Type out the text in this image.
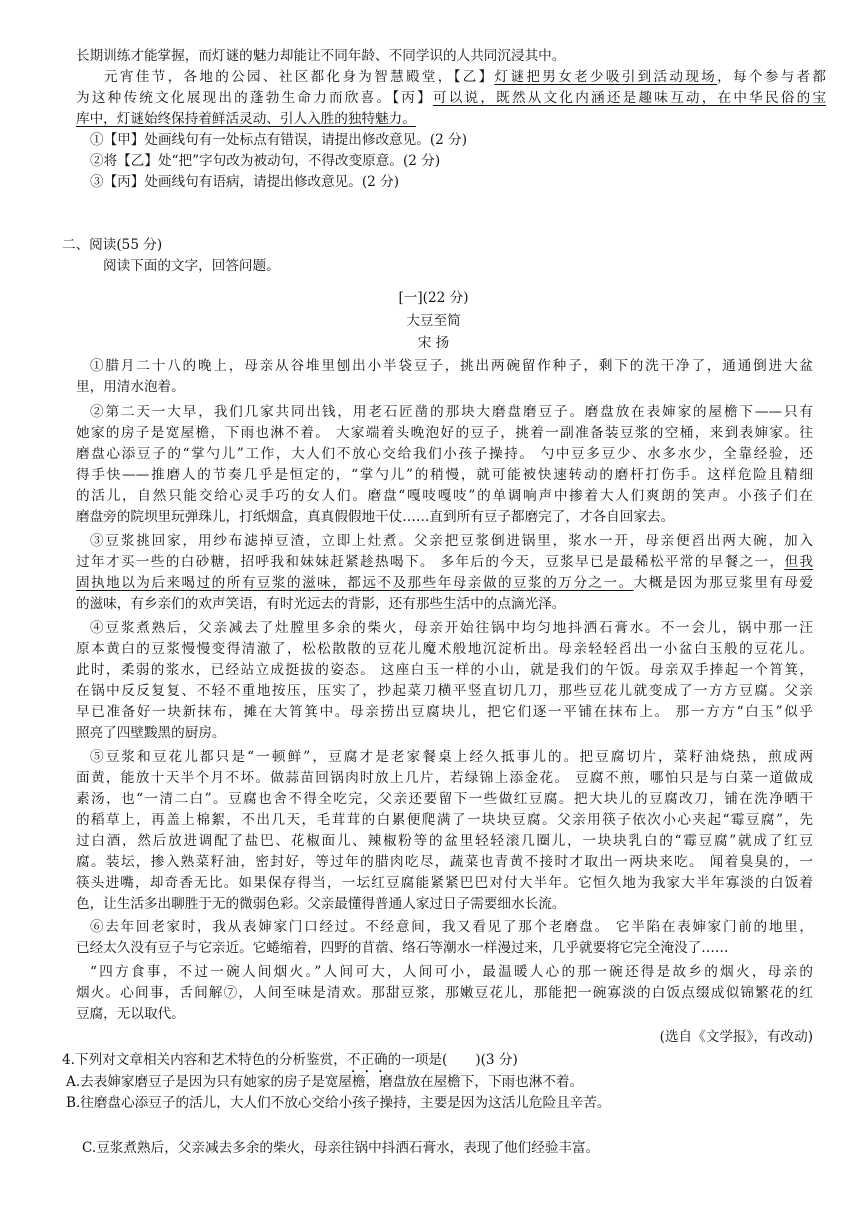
长期训练才能掌握，而灯谜的魅力却能让不同年龄、不同学识的人共同沉浸其中。
元宵佳节，各地的公园、社区都化身为智慧殿堂，【乙】灯谜把男女老少吸引到活动现场，每个参与者都
为这种传统文化展现出的蓬勃生命力而欣喜。【丙】可以说，既然从文化内涵还是趣味互动，在中华民俗的宝
库中，灯谜始终保持着鲜活灵动、引人入胜的独特魅力。
①【甲】处画线句有一处标点有错误，请提出修改意见。(2 分)
②将【乙】处“把”字句改为被动句，不得改变原意。(2 分)
③【丙】处画线句有语病，请提出修改意见。(2 分)
二、阅读(55 分)
阅读下面的文字，回答问题。
[一](22 分)
大豆至简
宋 扬
①腊月二十八的晚上，母亲从谷堆里刨出小半袋豆子，挑出两碗留作种子，剩下的洗干净了，通通倒进大盆
里，用清水泡着。
②第二天一大早，我们几家共同出钱，用老石匠凿的那块大磨盘磨豆子。磨盘放在表婶家的屋檐下——只有
她家的房子是宽屋檐，下雨也淋不着。 大家端着头晚泡好的豆子，挑着一副准备装豆浆的空桶，来到表婶家。往
磨盘心添豆子的“掌勺儿”工作，大人们不放心交给我们小孩子操持。 勺中豆多豆少、水多水少，全靠经验，还
得手快——推磨人的节奏几乎是恒定的，“掌勺儿”的稍慢，就可能被快速转动的磨杆打伤手。这样危险且精细
的活儿，自然只能交给心灵手巧的女人们。磨盘“嘎吱嘎吱”的单调响声中掺着大人们爽朗的笑声。小孩子们在
磨盘旁的院坝里玩弹珠儿，打纸烟盒，真真假假地干仗……直到所有豆子都磨完了，才各自回家去。
③豆浆挑回家，用纱布滤掉豆渣，立即上灶煮。父亲把豆浆倒进锅里，浆水一开，母亲便舀出两大碗，加入
过年才买一些的白砂糖，招呼我和妹妹赶紧趁热喝下。 多年后的今天，豆浆早已是最稀松平常的早餐之一，但我
固执地以为后来喝过的所有豆浆的滋味，都远不及那些年母亲做的豆浆的万分之一。大概是因为那豆浆里有母爱
的滋味，有乡亲们的欢声笑语，有时光远去的背影，还有那些生活中的点滴光泽。
④豆浆煮熟后，父亲减去了灶膛里多余的柴火，母亲开始往锅中均匀地抖洒石膏水。不一会儿，锅中那一汪
原本黄白的豆浆慢慢变得清澈了，松松散散的豆花儿魔术般地沉淀析出。母亲轻轻舀出一小盆白玉般的豆花儿。
此时，柔弱的浆水，已经站立成挺拔的姿态。 这座白玉一样的小山，就是我们的午饭。母亲双手捧起一个筲箕，
在锅中反反复复、不轻不重地按压，压实了，抄起菜刀横平竖直切几刀，那些豆花儿就变成了一方方豆腐。父亲
早已准备好一块新抹布，摊在大筲箕中。母亲捞出豆腐块儿，把它们逐一平铺在抹布上。 那一方方“白玉”似乎
照亮了四壁黢黑的厨房。
⑤豆浆和豆花儿都只是“一顿鲜”，豆腐才是老家餐桌上经久抵事儿的。把豆腐切片，菜籽油烧热，煎成两
面黄，能放十天半个月不坏。做蒜苗回锅肉时放上几片，若绿锦上添金花。 豆腐不煎，哪怕只是与白菜一道做成
素汤，也“一清二白”。豆腐也舍不得全吃完，父亲还要留下一些做红豆腐。把大块儿的豆腐改刀，铺在洗净晒干
的稻草上，再盖上棉絮，不出几天，毛茸茸的白累便爬满了一块块豆腐。父亲用筷子依次小心夹起“霉豆腐”，先
过白酒，然后放进调配了盐巴、花椒面儿、辣椒粉等的盆里轻轻滚几圈儿，一块块乳白的“霉豆腐”就成了红豆
腐。装坛，掺入熟菜籽油，密封好，等过年的腊肉吃尽，蔬菜也青黄不接时才取出一两块来吃。 闻着臭臭的，一
筷头进嘴，却奇香无比。如果保存得当，一坛红豆腐能紧紧巴巴对付大半年。它恒久地为我家大半年寡淡的白饭着
色，让生活多出聊胜于无的微弱色彩。父亲最懂得普通人家过日子需要细水长流。
⑥去年回老家时，我从表婶家门口经过。不经意间，我又看见了那个老磨盘。 它半陷在表婶家门前的地里，
已经太久没有豆子与它亲近。它蜷缩着，四野的苜蓿、络石等潮水一样漫过来，几乎就要将它完全淹没了……
“四方食事，不过一碗人间烟火。”人间可大，人间可小，最温暖人心的那一碗还得是故乡的烟火，母亲的
烟火。心间事，舌间解⑦，人间至味是清欢。那甜豆浆，那嫩豆花儿，那能把一碗寡淡的白饭点缀成似锦繁花的红
豆腐，无以取代。
(选自《文学报》，有改动)
4.下列对文章相关内容和艺术特色的分析鉴赏，不正确的一项是( )(3 分)
A.去表婶家磨豆子是因为只有她家的房子是宽屋檐，磨盘放在屋檐下，下雨也淋不着。
B.往磨盘心添豆子的活儿，大人们不放心交给小孩子操持，主要是因为这活儿危险且辛苦。
C.豆浆煮熟后，父亲减去多余的柴火，母亲往锅中抖洒石膏水，表现了他们经验丰富。
